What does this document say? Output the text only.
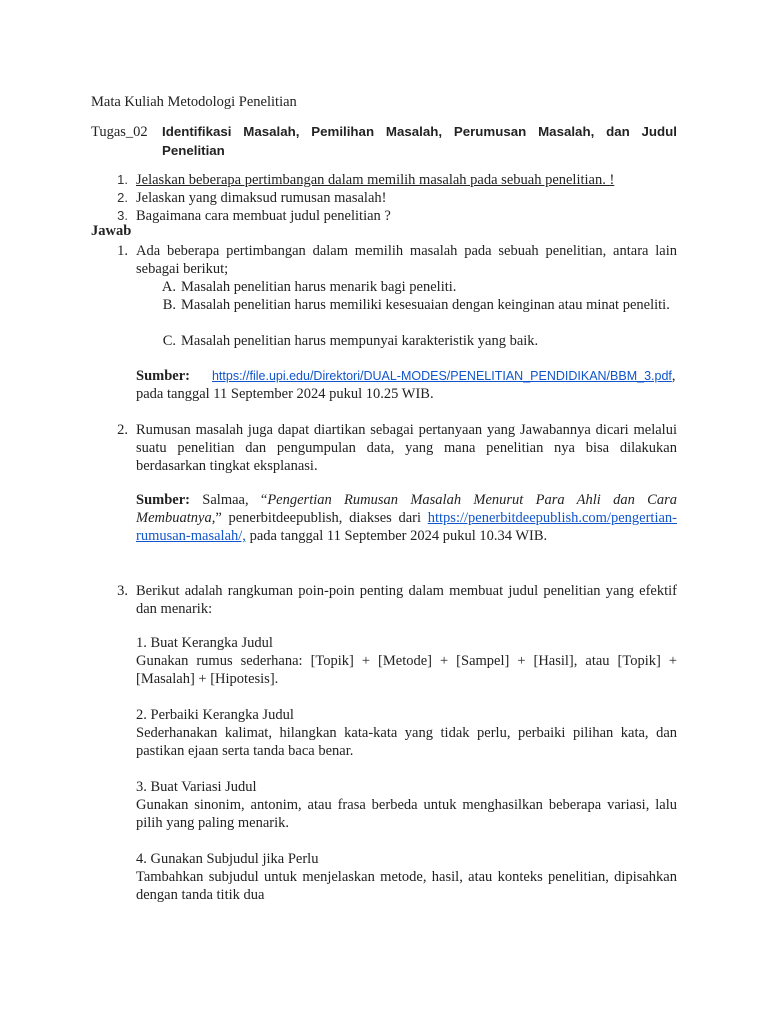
Mata Kuliah Metodologi Penelitian
Tugas_02 Identifikasi Masalah, Pemilihan Masalah, Perumusan Masalah, dan Judul Penelitian
1. Jelaskan beberapa pertimbangan dalam memilih masalah pada sebuah penelitian. !
2. Jelaskan yang dimaksud rumusan masalah!
3. Bagaimana cara membuat judul penelitian ?
Jawab
1. Ada beberapa pertimbangan dalam memilih masalah pada sebuah penelitian, antara lain sebagai berikut;
A. Masalah penelitian harus menarik bagi peneliti.
B. Masalah penelitian harus memiliki kesesuaian dengan keinginan atau minat peneliti.
C. Masalah penelitian harus mempunyai karakteristik yang baik.
Sumber: https://file.upi.edu/Direktori/DUAL-MODES/PENELITIAN_PENDIDIKAN/BBM_3.pdf,
pada tanggal 11 September 2024 pukul 10.25 WIB.
2. Rumusan masalah juga dapat diartikan sebagai pertanyaan yang Jawabannya dicari melalui suatu penelitian dan pengumpulan data, yang mana penelitian nya bisa dilakukan berdasarkan tingkat eksplanasi.
Sumber: Salmaa, “Pengertian Rumusan Masalah Menurut Para Ahli dan Cara Membuatnya,” penerbitdeepublish, diakses dari https://penerbitdeepublish.com/pengertian-rumusan-masalah/, pada tanggal 11 September 2024 pukul 10.34 WIB.
3. Berikut adalah rangkuman poin-poin penting dalam membuat judul penelitian yang efektif dan menarik:
1. Buat Kerangka Judul
Gunakan rumus sederhana: [Topik] + [Metode] + [Sampel] + [Hasil], atau [Topik] + [Masalah] + [Hipotesis].
2. Perbaiki Kerangka Judul
Sederhanakan kalimat, hilangkan kata-kata yang tidak perlu, perbaiki pilihan kata, dan pastikan ejaan serta tanda baca benar.
3. Buat Variasi Judul
Gunakan sinonim, antonim, atau frasa berbeda untuk menghasilkan beberapa variasi, lalu pilih yang paling menarik.
4. Gunakan Subjudul jika Perlu
Tambahkan subjudul untuk menjelaskan metode, hasil, atau konteks penelitian, dipisahkan dengan tanda titik dua
